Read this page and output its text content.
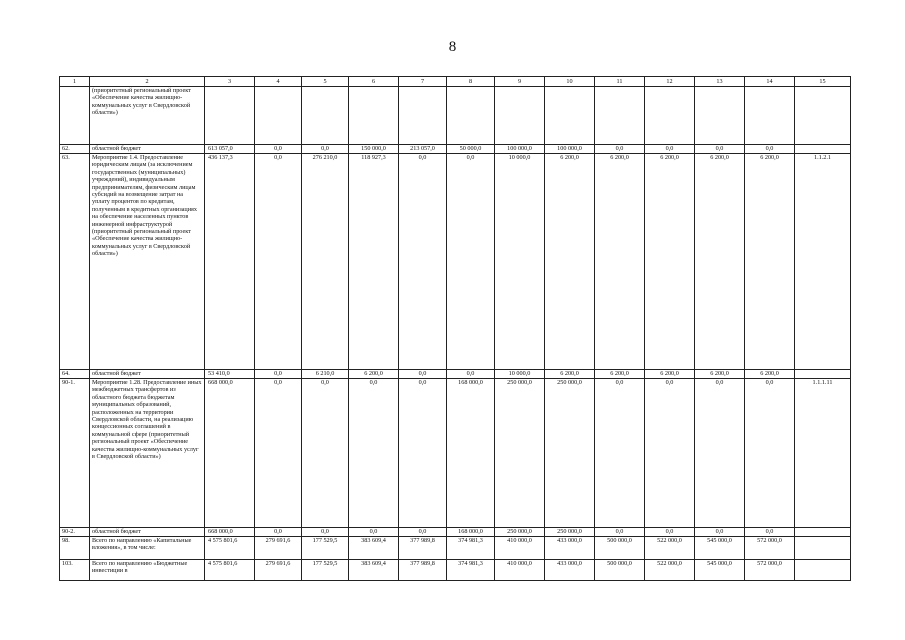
8
1	2	3	4	5	6	7	8	9	10	11	12	13	14	15
	(приоритетный региональный проект «Обеспечение качества жилищно-коммунальных услуг в Свердловской области»)													
62.	областной бюджет	613 057,0	0,0	0,0	150 000,0	213 057,0	50 000,0	100 000,0	100 000,0	0,0	0,0	0,0	0,0	
63.	Мероприятие 1.4. Предоставление юридическим лицам (за исключением государственных (муниципальных) учреждений), индивидуальным предпринимателям, физическим лицам субсидий на возмещение затрат на уплату процентов по кредитам, полученным в кредитных организациях на обеспечение населенных пунктов инженерной инфраструктурой (приоритетный региональный проект «Обеспечение качества жилищно-коммунальных услуг в Свердловской области»)	436 137,3	0,0	276 210,0	118 927,3	0,0	0,0	10 000,0	6 200,0	6 200,0	6 200,0	6 200,0	6 200,0	1.1.2.1
64.	областной бюджет	53 410,0	0,0	6 210,0	6 200,0	0,0	0,0	10 000,0	6 200,0	6 200,0	6 200,0	6 200,0	6 200,0	
90-1.	Мероприятие 1.28. Предоставление иных межбюджетных трансфертов из областного бюджета бюджетам муниципальных образований, расположенных на территории Свердловской области, на реализацию концессионных соглашений в коммунальной сфере (приоритетный региональный проект «Обеспечение качества жилищно-коммунальных услуг в Свердловской области»)	668 000,0	0,0	0,0	0,0	0,0	168 000,0	250 000,0	250 000,0	0,0	0,0	0,0	0,0	1.1.1.11
90-2.	областной бюджет	668 000,0	0,0	0,0	0,0	0,0	168 000,0	250 000,0	250 000,0	0,0	0,0	0,0	0,0	
98.	Всего по направлению «Капитальные вложения», в том числе:	4 575 801,6	279 691,6	177 529,5	383 609,4	377 989,8	374 981,3	410 000,0	433 000,0	500 000,0	522 000,0	545 000,0	572 000,0	
103.	Всего по направлению «Бюджетные инвестиции в	4 575 801,6	279 691,6	177 529,5	383 609,4	377 989,8	374 981,3	410 000,0	433 000,0	500 000,0	522 000,0	545 000,0	572 000,0	
